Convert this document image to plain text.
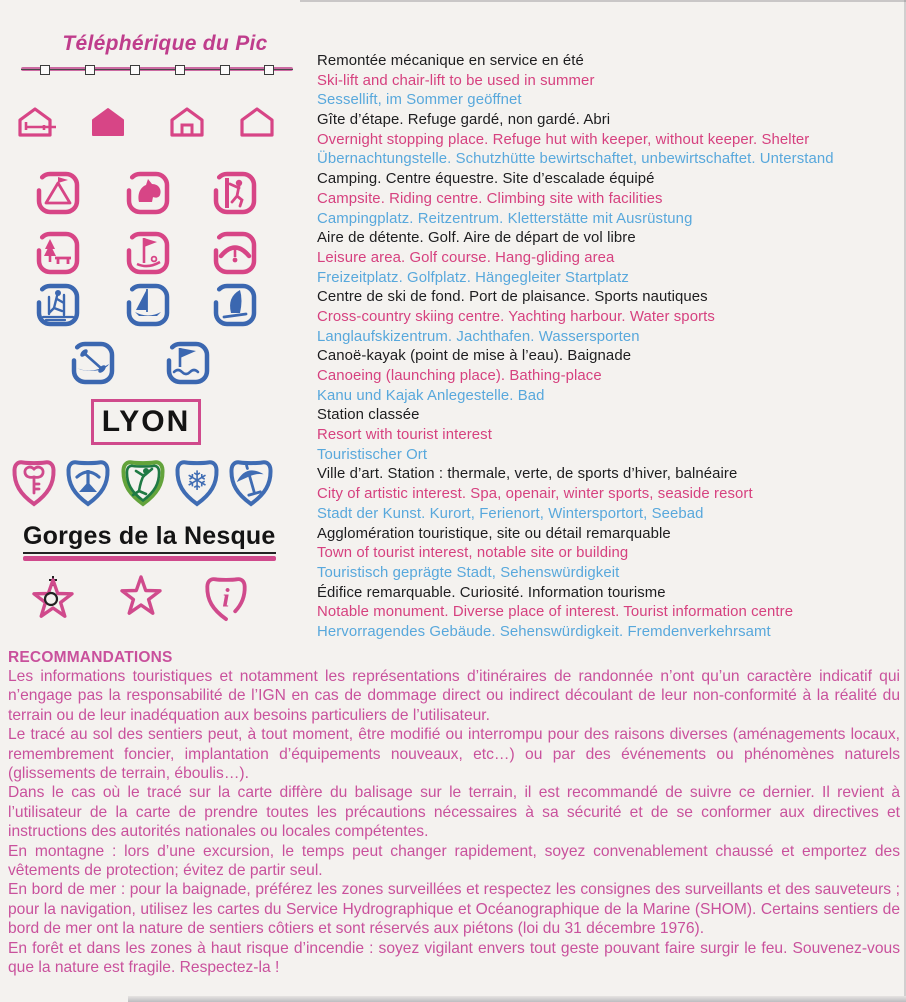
Téléphérique du Pic
LYON
❄
Gorges de la Nesque
i
Remontée mécanique en service en été
Ski-lift and chair-lift to be used in summer
Sessellift, im Sommer geöffnet
Gîte d’étape. Refuge gardé, non gardé. Abri
Overnight stopping place. Refuge hut with keeper, without keeper. Shelter
Übernachtungstelle. Schutzhütte bewirtschaftet, unbewirtschaftet. Unterstand
Camping. Centre équestre. Site d’escalade équipé
Campsite. Riding centre. Climbing site with facilities
Campingplatz. Reitzentrum. Kletterstätte mit Ausrüstung
Aire de détente. Golf. Aire de départ de vol libre
Leisure area. Golf course. Hang-gliding area
Freizeitplatz. Golfplatz. Hängegleiter Startplatz
Centre de ski de fond. Port de plaisance. Sports nautiques
Cross-country skiing centre. Yachting harbour. Water sports
Langlaufskizentrum. Jachthafen. Wassersporten
Canoë-kayak (point de mise à l’eau). Baignade
Canoeing (launching place). Bathing-place
Kanu und Kajak Anlegestelle. Bad
Station classée
Resort with tourist interest
Touristischer Ort
Ville d’art. Station : thermale, verte, de sports d’hiver, balnéaire
City of artistic interest. Spa, openair, winter sports, seaside resort
Stadt der Kunst. Kurort, Ferienort, Wintersportort, Seebad
Agglomération touristique, site ou détail remarquable
Town of tourist interest, notable site or building
Touristisch geprägte Stadt, Sehenswürdigkeit
Édifice remarquable. Curiosité. Information tourisme
Notable monument. Diverse place of interest. Tourist information centre
Hervorragendes Gebäude. Sehenswürdigkeit. Fremdenverkehrsamt
RECOMMANDATIONS

Les informations touristiques et notamment les représentations d’itinéraires de randonnée n’ont qu’un caractère indicatif qui n’engage pas la responsabilité de l’IGN en cas de dommage direct ou indirect découlant de leur non-conformité à la réalité du terrain ou de leur inadéquation aux besoins particuliers de l’utilisateur.

Le tracé au sol des sentiers peut, à tout moment, être modifié ou interrompu pour des raisons diverses (aménagements locaux, remembrement foncier, implantation d’équipements nouveaux, etc…) ou par des événements ou phénomènes naturels (glissements de terrain, éboulis…).

Dans le cas où le tracé sur la carte diffère du balisage sur le terrain, il est recommandé de suivre ce dernier. Il revient à l’utilisateur de la carte de prendre toutes les précautions nécessaires à sa sécurité et de se conformer aux directives et instructions des autorités nationales ou locales compétentes.

En montagne : lors d’une excursion, le temps peut changer rapidement, soyez convenablement chaussé et emportez des vêtements de protection; évitez de partir seul.

En bord de mer : pour la baignade, préférez les zones surveillées et respectez les consignes des surveillants et des sauveteurs ; pour la navigation, utilisez les cartes du Service Hydrographique et Océanographique de la Marine (SHOM). Certains sentiers de bord de mer ont la nature de sentiers côtiers et sont réservés aux piétons (loi du 31 décembre 1976).

En forêt et dans les zones à haut risque d’incendie : soyez vigilant envers tout geste pouvant faire surgir le feu. Souvenez-vous que la nature est fragile. Respectez-la !
